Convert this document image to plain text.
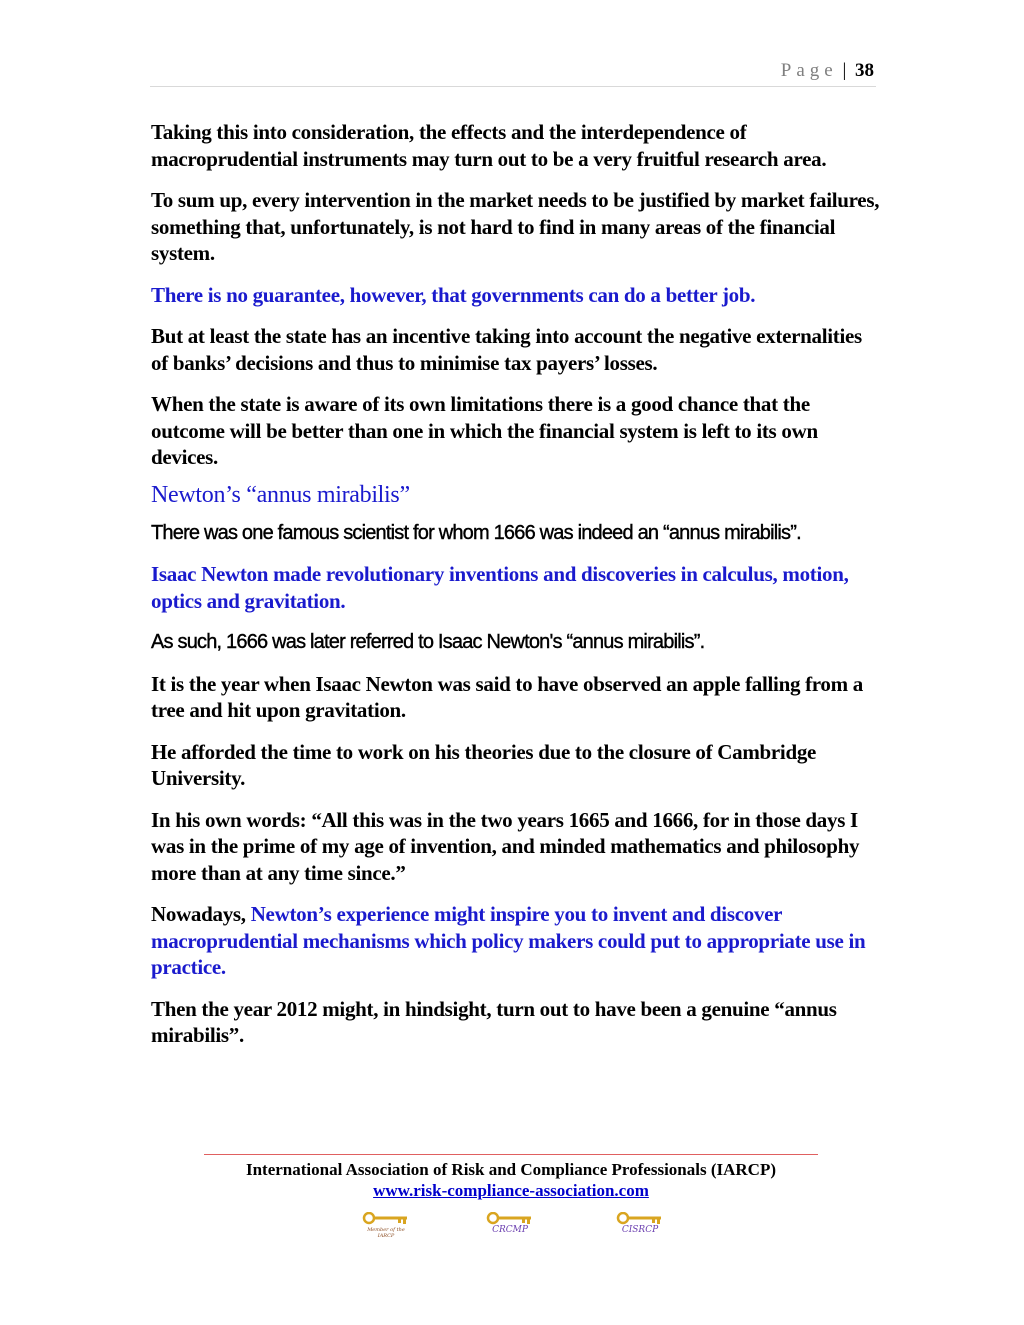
Page | 38

Taking this into consideration, the effects and the interdependence of macroprudential instruments may turn out to be a very fruitful research area.

To sum up, every intervention in the market needs to be justified by market failures, something that, unfortunately, is not hard to find in many areas of the financial system.

There is no guarantee, however, that governments can do a better job.

But at least the state has an incentive taking into account the negative externalities of banks’ decisions and thus to minimise tax payers’ losses.

When the state is aware of its own limitations there is a good chance that the outcome will be better than one in which the financial system is left to its own devices.

Newton’s “annus mirabilis”

There was one famous scientist for whom 1666 was indeed an “annus mirabilis”.

Isaac Newton made revolutionary inventions and discoveries in calculus, motion, optics and gravitation.

As such, 1666 was later referred to Isaac Newton's “annus mirabilis”.

It is the year when Isaac Newton was said to have observed an apple falling from a tree and hit upon gravitation.

He afforded the time to work on his theories due to the closure of Cambridge University.

In his own words: “All this was in the two years 1665 and 1666, for in those days I was in the prime of my age of invention, and minded mathematics and philosophy more than at any time since.”

Nowadays, Newton’s experience might inspire you to invent and discover macroprudential mechanisms which policy makers could put to appropriate use in practice.

Then the year 2012 might, in hindsight, turn out to have been a genuine “annus mirabilis”.

International Association of Risk and Compliance Professionals (IARCP)
www.risk-compliance-association.com
Member of the IARCP
CRCMP	CISRCP
